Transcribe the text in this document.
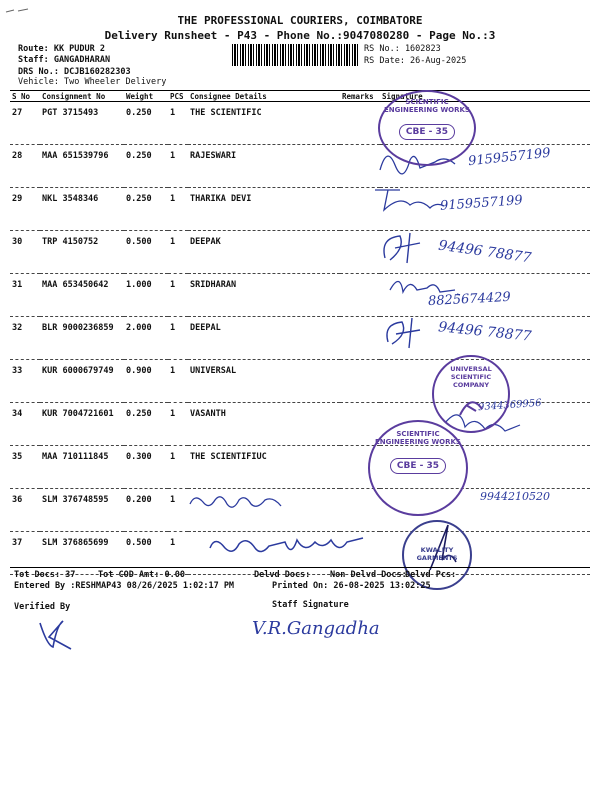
THE PROFESSIONAL COURIERS, COIMBATORE
Delivery Runsheet - P43 - Phone No.:9047080280 - Page No.:3
Route: KK PUDUR 2
Staff: GANGADHARAN
DRS No.: DCJB160282303
Vehicle: Two Wheeler Delivery
RS No.: 1602823
RS Date: 26-Aug-2025
S No	Consignment No	Weight	PCS	Consignee Details	Remarks	Signature
27	PGT 3715493	0.250	1	THE SCIENTIFIC		
28	MAA 651539796	0.250	1	RAJESWARI		
29	NKL 3548346	0.250	1	THARIKA DEVI		
30	TRP 4150752	0.500	1	DEEPAK		
31	MAA 653450642	1.000	1	SRIDHARAN		
32	BLR 9000236859	2.000	1	DEEPAL		
33	KUR 6000679749	0.900	1	UNIVERSAL		
34	KUR 7004721601	0.250	1	VASANTH		
35	MAA 710111845	0.300	1	THE SCIENTIFIUC		
36	SLM 376748595	0.200	1			
37	SLM 376865699	0.500	1			
9159557199
9159557199
94496 78877
8825674429
94496 78877
9344369956
9944210520
SCIENTIFIC ENGINEERING WORKS
CBE - 35
UNIVERSAL SCIENTIFIC COMPANY
SCIENTIFIC ENGINEERING WORKS
CBE - 35
KWALITY GARMENTS
Tot Docs: 37	Tot COD Amt: 0.00	Delvd Docs: Non Delvd Docs:
Delvd Pcs:
Entered By :RESHMAP43 08/26/2025 1:02:17 PM	Printed On: 26-08-2025 13:02:25
Verified By	Staff Signature
V.R.Gangadha
